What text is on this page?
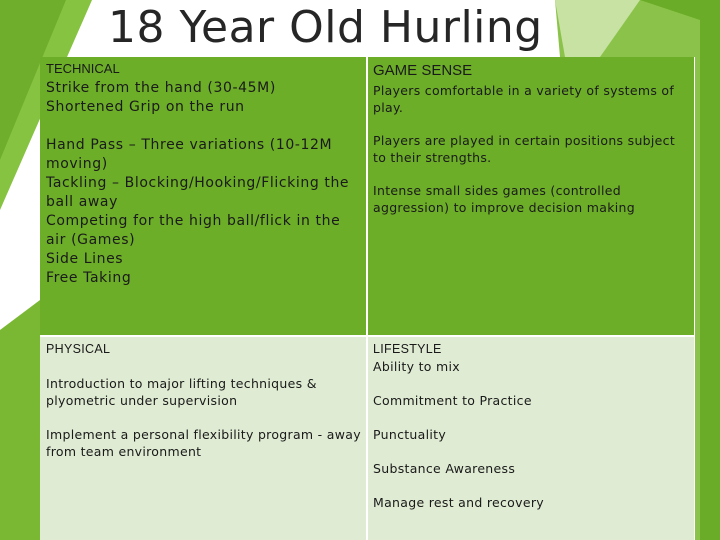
18 Year Old Hurling
TECHNICAL
Strike from the hand (30-45M)
Shortened Grip on the run
Hand Pass – Three variations (10-12M
moving)
Tackling – Blocking/Hooking/Flicking the
ball away
Competing for the high ball/flick in the
air (Games)
Side Lines
Free Taking
GAME SENSE
Players comfortable in a variety of systems of
play.
Players are played in certain positions subject
to their strengths.
Intense small sides games (controlled
aggression) to improve decision making
PHYSICAL
Introduction to major lifting techniques &
plyometric under supervision
Implement a personal flexibility program - away
from team environment
LIFESTYLE
Ability to mix
Commitment to Practice
Punctuality
Substance Awareness
Manage rest and recovery
